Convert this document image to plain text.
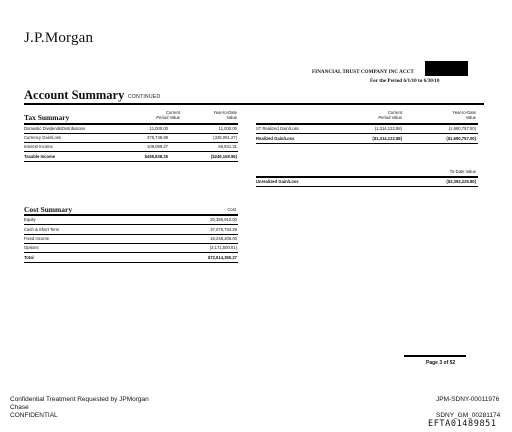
J.P.Morgan
FINANCIAL TRUST COMPANY INC ACCT
For the Period 6/1/10 to 6/30/10
Account Summary CONTINUED
Tax Summary
Current
Period Value
Year-to-Date
Value
Domestic Dividends/Distributions	11,000.00	11,000.00
Currency Gain/Loss	375,748.98	(326,091.27)
Interest Income	109,089.27	65,931.31
Taxable Income	$495,838.25	($249,159.96)
Current
Period Value
Year-to-Date
Value
ST Realized Gain/Loss	(1,314,122.88)	(1,690,757.00)
Realized Gain/Loss	($1,314,122.88)	($1,690,757.00)
To-Date Value
Unrealized Gain/Loss	($3,393,225.80)
Cost Summary	Cost
Equity	20,356,910.00
Cash & Short Term	37,076,734.28
Fixed Income	18,246,206.00
Options	(3,171,500.01)
Total	$72,514,350.27
Page 3 of 52
Confidential Treatment Requested by JPMorgan
Chase
CONFIDENTIAL
JPM-SDNY-00011976
SDNY_GM_00281174
EFTA01489851
